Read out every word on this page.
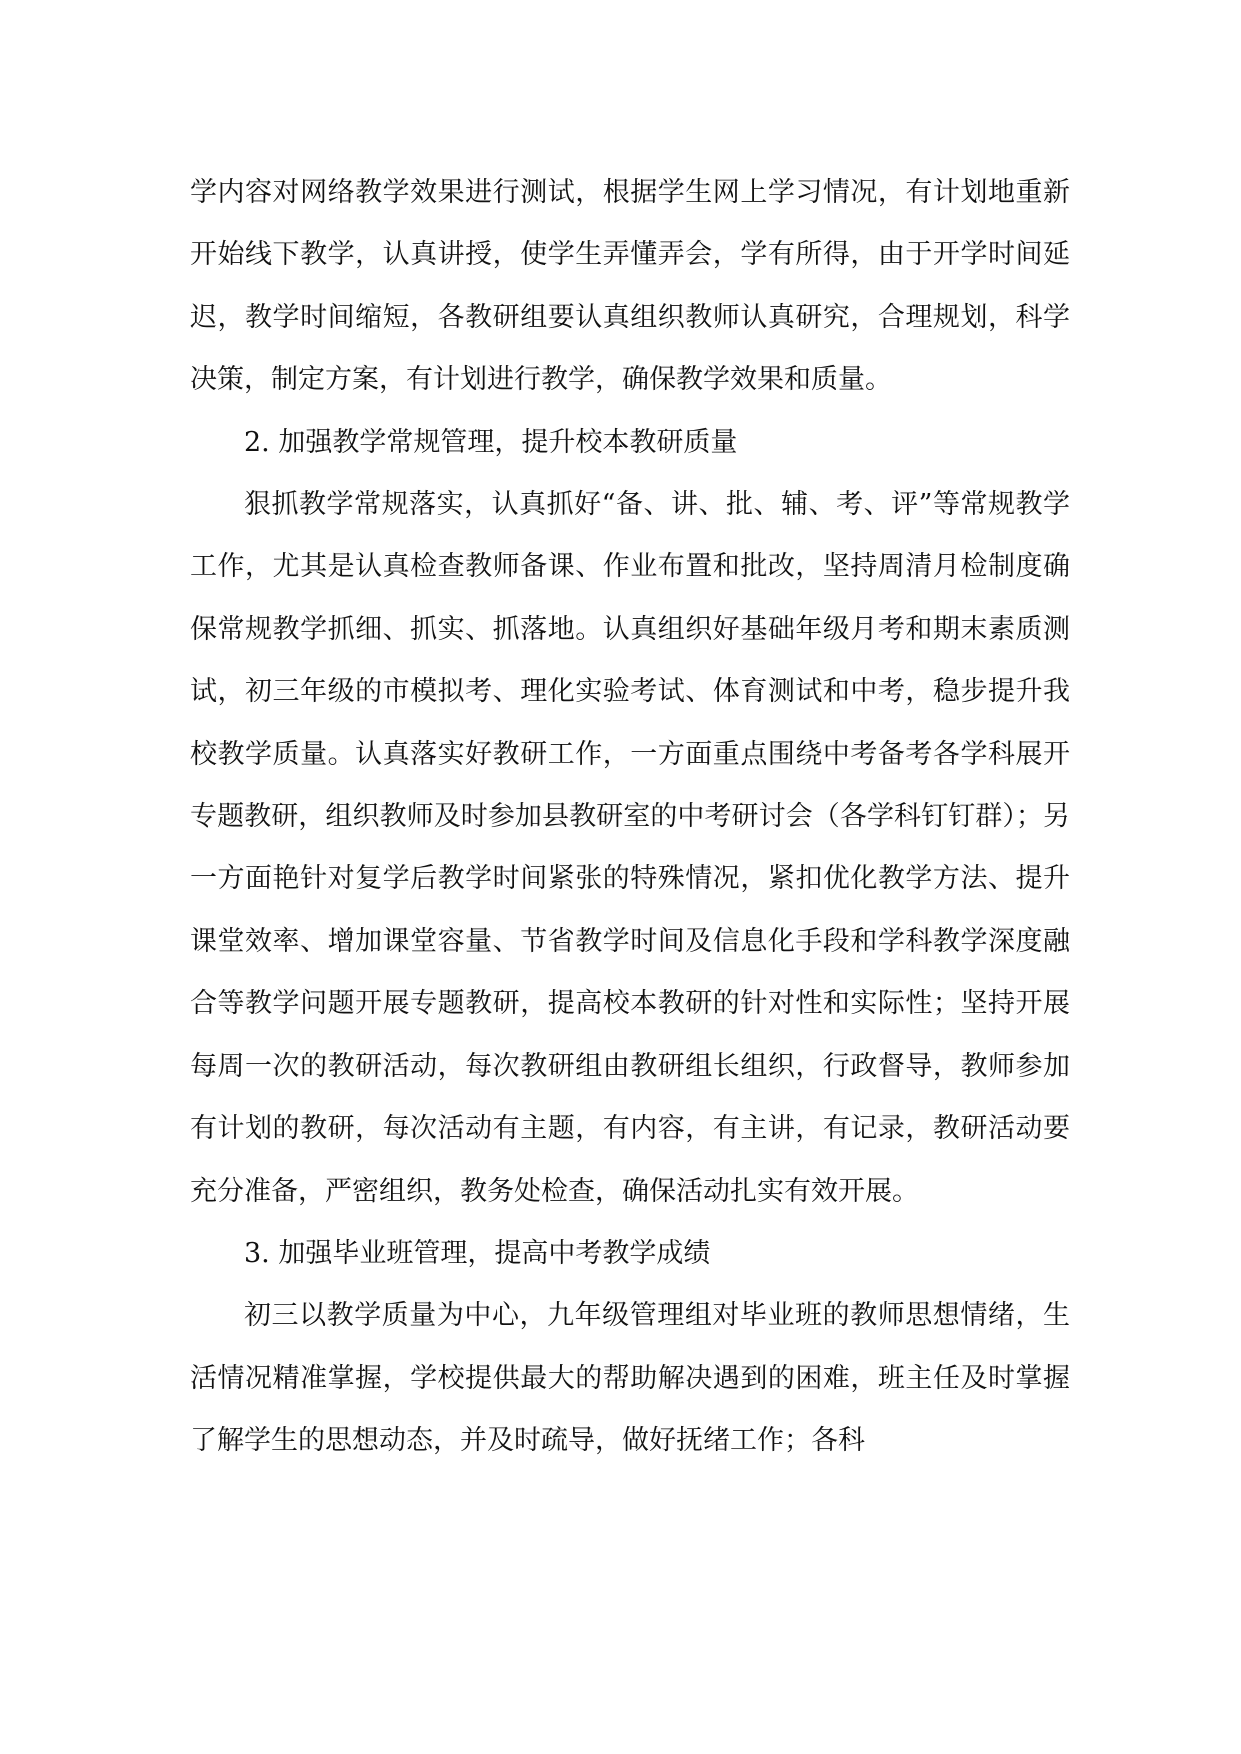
学内容对网络教学效果进行测试，根据学生网上学习情况，有计划地重新开始线下教学，认真讲授，使学生弄懂弄会，学有所得，由于开学时间延迟，教学时间缩短，各教研组要认真组织教师认真研究，合理规划，科学决策，制定方案，有计划进行教学，确保教学效果和质量。

2. 加强教学常规管理，提升校本教研质量

狠抓教学常规落实，认真抓好“备、讲、批、辅、考、评”等常规教学工作，尤其是认真检查教师备课、作业布置和批改，坚持周清月检制度确保常规教学抓细、抓实、抓落地。认真组织好基础年级月考和期末素质测试，初三年级的市模拟考、理化实验考试、体育测试和中考，稳步提升我校教学质量。认真落实好教研工作，一方面重点围绕中考备考各学科展开专题教研，组织教师及时参加县教研室的中考研讨会（各学科钉钉群）；另一方面艳针对复学后教学时间紧张的特殊情况，紧扣优化教学方法、提升课堂效率、增加课堂容量、节省教学时间及信息化手段和学科教学深度融合等教学问题开展专题教研，提高校本教研的针对性和实际性；坚持开展每周一次的教研活动，每次教研组由教研组长组织，行政督导，教师参加有计划的教研，每次活动有主题，有内容，有主讲，有记录，教研活动要充分准备，严密组织，教务处检查，确保活动扎实有效开展。

3. 加强毕业班管理，提高中考教学成绩

初三以教学质量为中心，九年级管理组对毕业班的教师思想情绪，生活情况精准掌握，学校提供最大的帮助解决遇到的困难，班主任及时掌握了解学生的思想动态，并及时疏导，做好抚绪工作；各科
